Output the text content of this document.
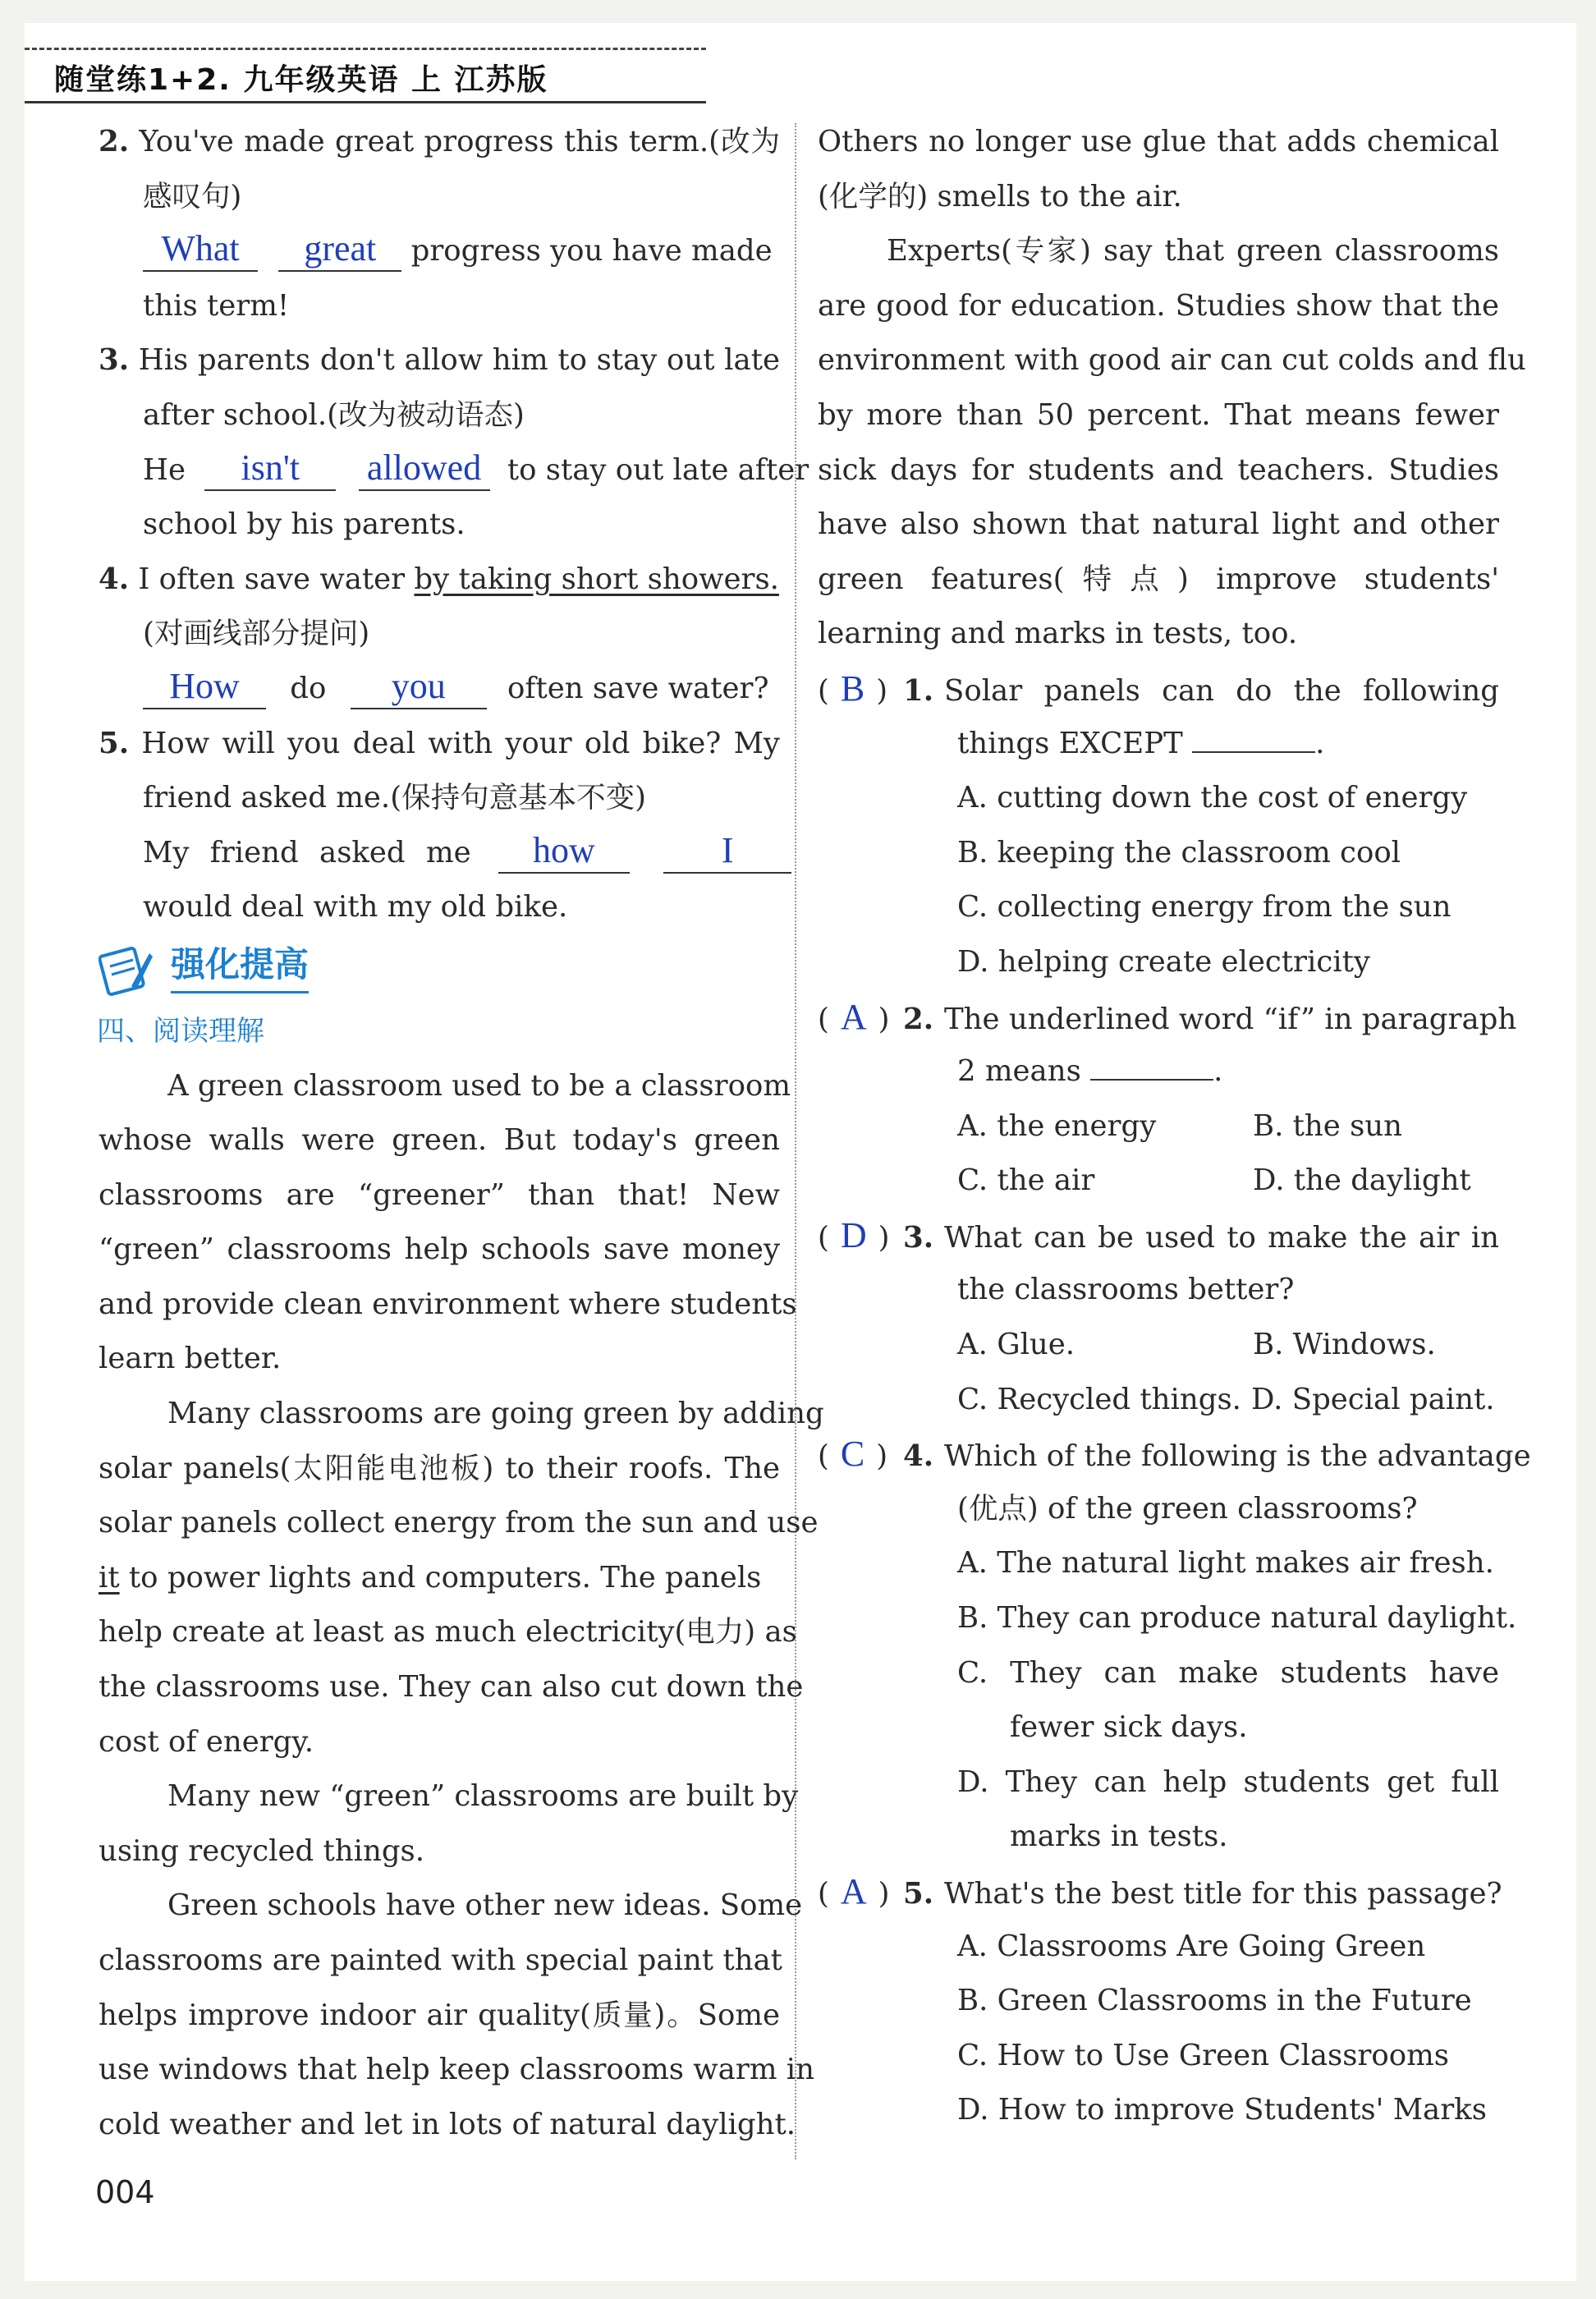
随堂练1+2. 九年级英语 上 江苏版
2. You've made great progress this term.(改为
感叹句)
What great progress you have made
this term!
3. His parents don't allow him to stay out late
after school.(改为被动语态)
He isn't allowed to stay out late after
school by his parents.
4. I often save water by taking short showers.
(对画线部分提问)
How do you often save water?
5. How will you deal with your old bike? My
friend asked me.(保持句意基本不变)
My friend asked me how	I
would deal with my old bike.
强化提高
四、阅读理解
A green classroom used to be a classroom
whose walls were green. But today's green
classrooms are “greener” than that! New
“green” classrooms help schools save money
and provide clean environment where students
learn better.
Many classrooms are going green by adding
solar panels(太阳能电池板) to their roofs. The
solar panels collect energy from the sun and use
it to power lights and computers. The panels
help create at least as much electricity(电力) as
the classrooms use. They can also cut down the
cost of energy.
Many new “green” classrooms are built by
using recycled things.
Green schools have other new ideas. Some
classrooms are painted with special paint that
helps improve indoor air quality(质量)。Some
use windows that help keep classrooms warm in
cold weather and let in lots of natural daylight.
Others no longer use glue that adds chemical
(化学的) smells to the air.
Experts(专家) say that green classrooms
are good for education. Studies show that the
environment with good air can cut colds and flu
by more than 50 percent. That means fewer
sick days for students and teachers. Studies
have also shown that natural light and other
green features(特点) improve students'
learning and marks in tests, too.
( B ) 1. Solar panels can do the following
things EXCEPT	.
A. cutting down the cost of energy
B. keeping the classroom cool
C. collecting energy from the sun
D. helping create electricity
( A ) 2. The underlined word “if” in paragraph
2 means	.
A. the energy	B. the sun
C. the air	D. the daylight
( D ) 3. What can be used to make the air in
the classrooms better?
A. Glue.	B. Windows.
C. Recycled things. D. Special paint.
( C ) 4. Which of the following is the advantage
(优点) of the green classrooms?
A. The natural light makes air fresh.
B. They can produce natural daylight.
C. They can make students have
fewer sick days.
D. They can help students get full
marks in tests.
( A ) 5. What's the best title for this passage?
A. Classrooms Are Going Green
B. Green Classrooms in the Future
C. How to Use Green Classrooms
D. How to improve Students' Marks
004
